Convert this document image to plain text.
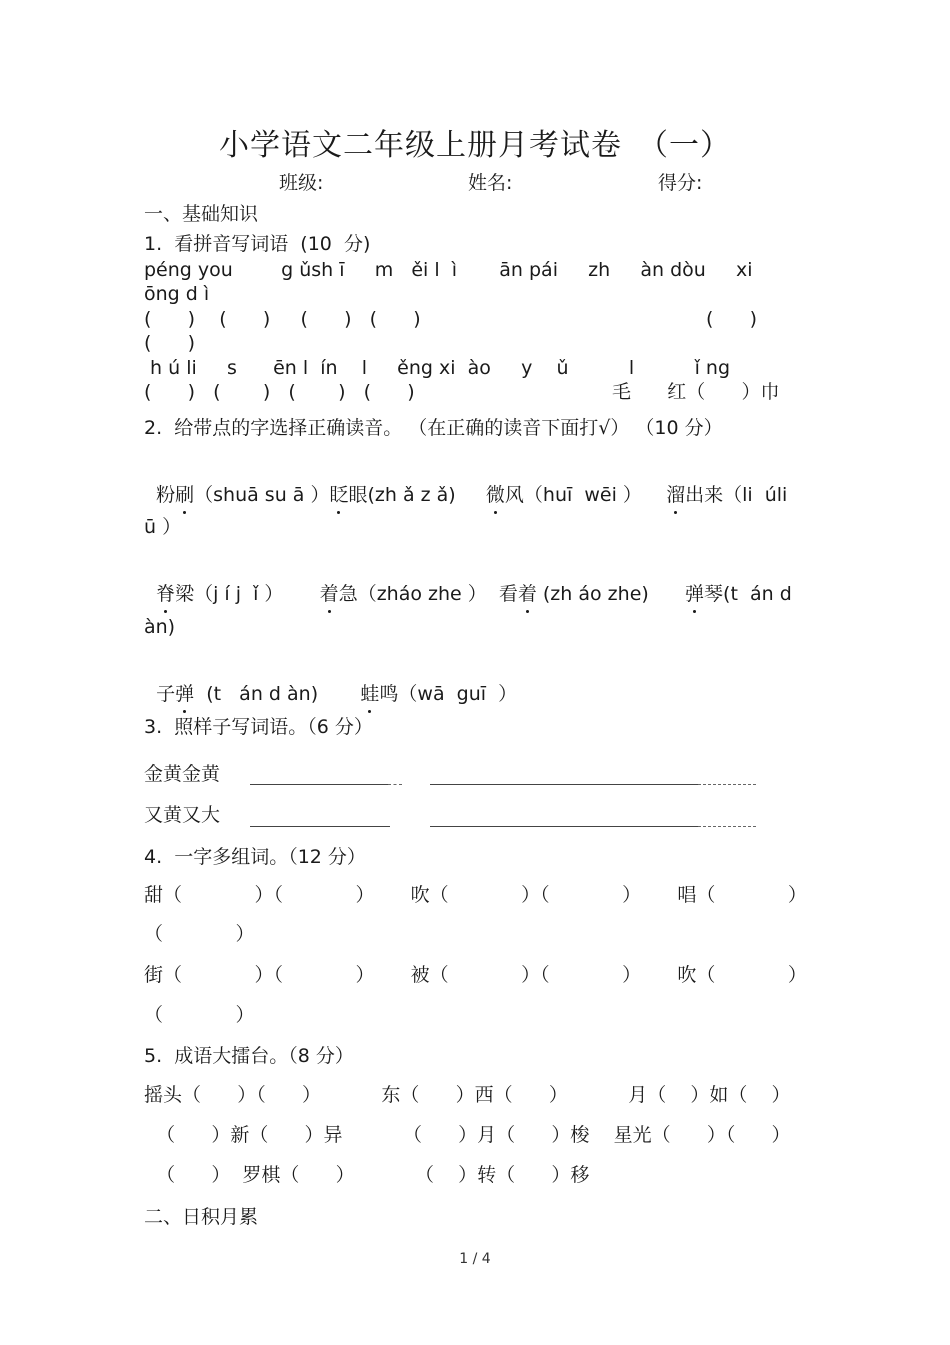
小学语文二年级上册月考试卷　（一）
班级:	姓名:	得分:
一、基础知识
1.  看拼音写词语  (10  分)
péng you        g ǔsh ī     m   ěi l  ì       ān pái     zh     àn dòu     xi
ōng d ì
(      )    (      )     (      )   (      )	(      )
(      )
h ú li     s      ēn l  ín    l     ěng xi  ào     y    ǔ          l          ǐ ng
(      )   (       )   (       )   (      )	毛      红（      ）巾
2.  给带点的字选择正确读音。 （在正确的读音下面打√） （10 分）

粉刷（shuā su ā ）眨眼(zh ǎ z ǎ)     微风（huī  wēi ）    溜出来（li  úli

ū ）

脊梁（j í j  ǐ ）      着急（zháo zhe ）  看着 (zh áo zhe)      弹琴(t  án d

àn)

子弹  (t   án d àn)       蛙鸣（wā  guī  ）

3.  照样子写词语。（6 分）
金黄金黄
又黄又大
4.  一字多组词。（12 分）
甜（            ）（            ）      吹（            ）（            ）      唱（            ）
（            ）
街（            ）（            ）      被（            ）（            ）      吹（            ）
（            ）
5.  成语大擂台。（8 分）
摇头（      ）（      ）          东（      ）西（      ）          月（    ）如（    ）
（      ）新（      ）异          （      ）月（      ）梭    星光（      ）（      ）
（      ）  罗棋（      ）          （    ）转（      ）移
二、日积月累
1 / 4
